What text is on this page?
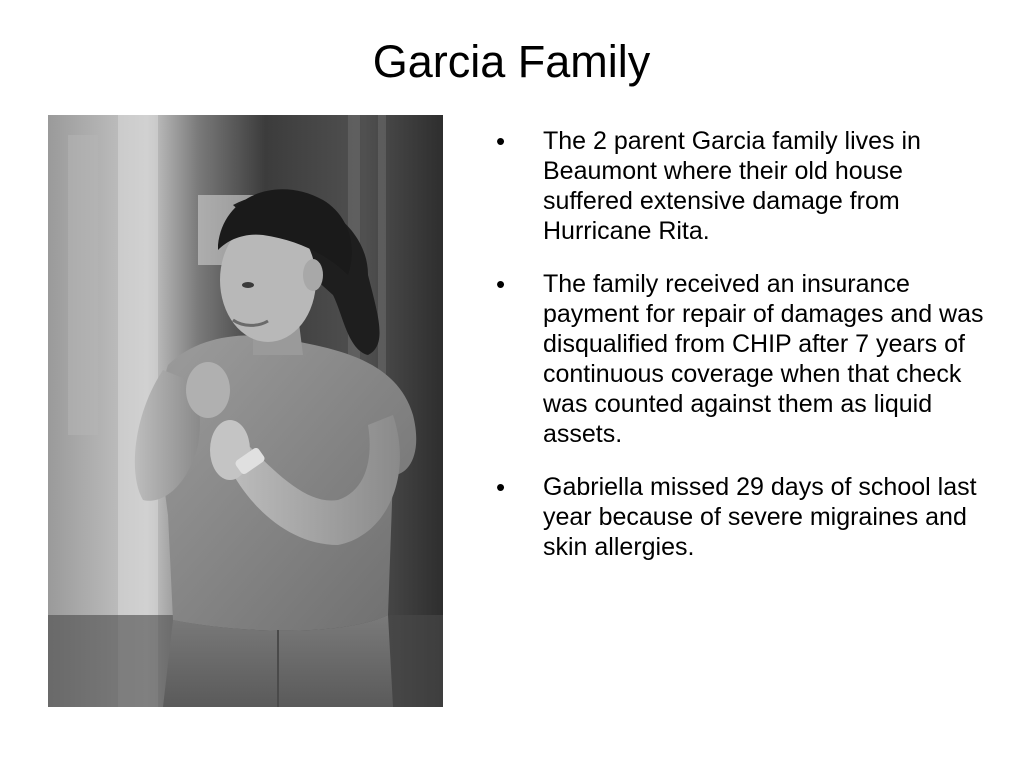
Garcia Family
• The 2 parent Garcia family lives in Beaumont where their old house suffered extensive damage from Hurricane Rita.
• The family received an insurance payment for repair of damages and was disqualified from CHIP after 7 years of continuous coverage when that check was counted against them as liquid assets.
• Gabriella missed 29 days of school last year because of severe migraines and skin allergies.
